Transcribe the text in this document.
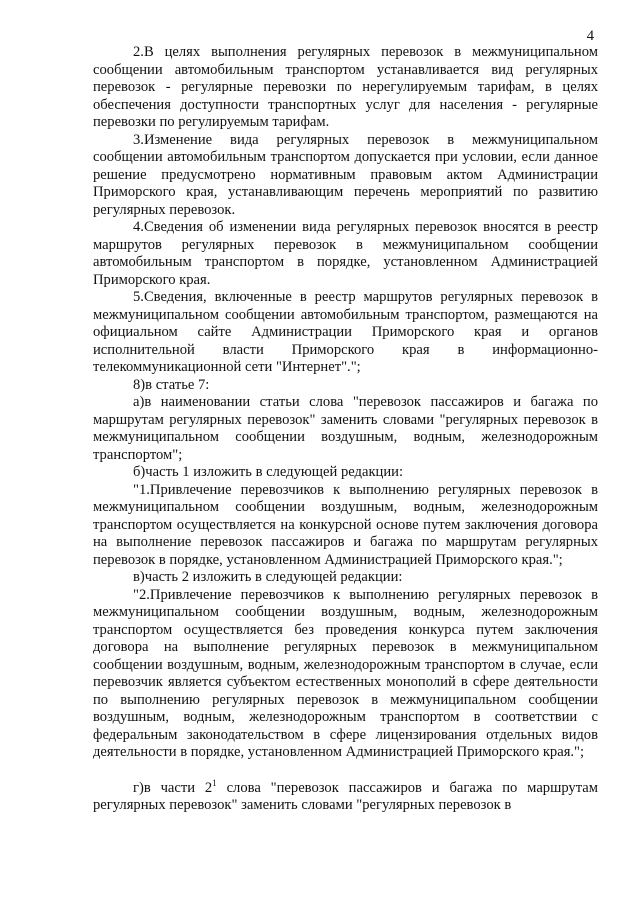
4

2.В целях выполнения регулярных перевозок в межмуниципальном сообщении автомобильным транспортом устанавливается вид регулярных перевозок - регулярные перевозки по нерегулируемым тарифам, в целях обеспечения доступности транспортных услуг для населения - регулярные перевозки по регулируемым тарифам.

3.Изменение вида регулярных перевозок в межмуниципальном сообщении автомобильным транспортом допускается при условии, если данное решение предусмотрено нормативным правовым актом Администрации Приморского края, устанавливающим перечень мероприятий по развитию регулярных перевозок.

4.Сведения об изменении вида регулярных перевозок вносятся в реестр маршрутов регулярных перевозок в межмуниципальном сообщении автомобильным транспортом в порядке, установленном Администрацией Приморского края.

5.Сведения, включенные в реестр маршрутов регулярных перевозок в межмуниципальном сообщении автомобильным транспортом, размещаются на официальном сайте Администрации Приморского края и органов исполнительной власти Приморского края в информационно-телекоммуникационной сети "Интернет".";

8)в статье 7:

а)в наименовании статьи слова "перевозок пассажиров и багажа по маршрутам регулярных перевозок" заменить словами "регулярных перевозок в межмуниципальном сообщении воздушным, водным, железнодорожным транспортом";

б)часть 1 изложить в следующей редакции:

"1.Привлечение перевозчиков к выполнению регулярных перевозок в межмуниципальном сообщении воздушным, водным, железнодорожным транспортом осуществляется на конкурсной основе путем заключения договора на выполнение перевозок пассажиров и багажа по маршрутам регулярных перевозок в порядке, установленном Администрацией Приморского края.";

в)часть 2 изложить в следующей редакции:

"2.Привлечение перевозчиков к выполнению регулярных перевозок в межмуниципальном сообщении воздушным, водным, железнодорожным транспортом осуществляется без проведения конкурса путем заключения договора на выполнение регулярных перевозок в межмуниципальном сообщении воздушным, водным, железнодорожным транспортом в случае, если перевозчик является субъектом естественных монополий в сфере деятельности по выполнению регулярных перевозок в межмуниципальном сообщении воздушным, водным, железнодорожным транспортом в соответствии с федеральным законодательством в сфере лицензирования отдельных видов деятельности в порядке, установленном Администрацией Приморского края.";

г)в части $2^1$ слова "перевозок пассажиров и багажа по маршрутам регулярных перевозок" заменить словами "регулярных перевозок в
